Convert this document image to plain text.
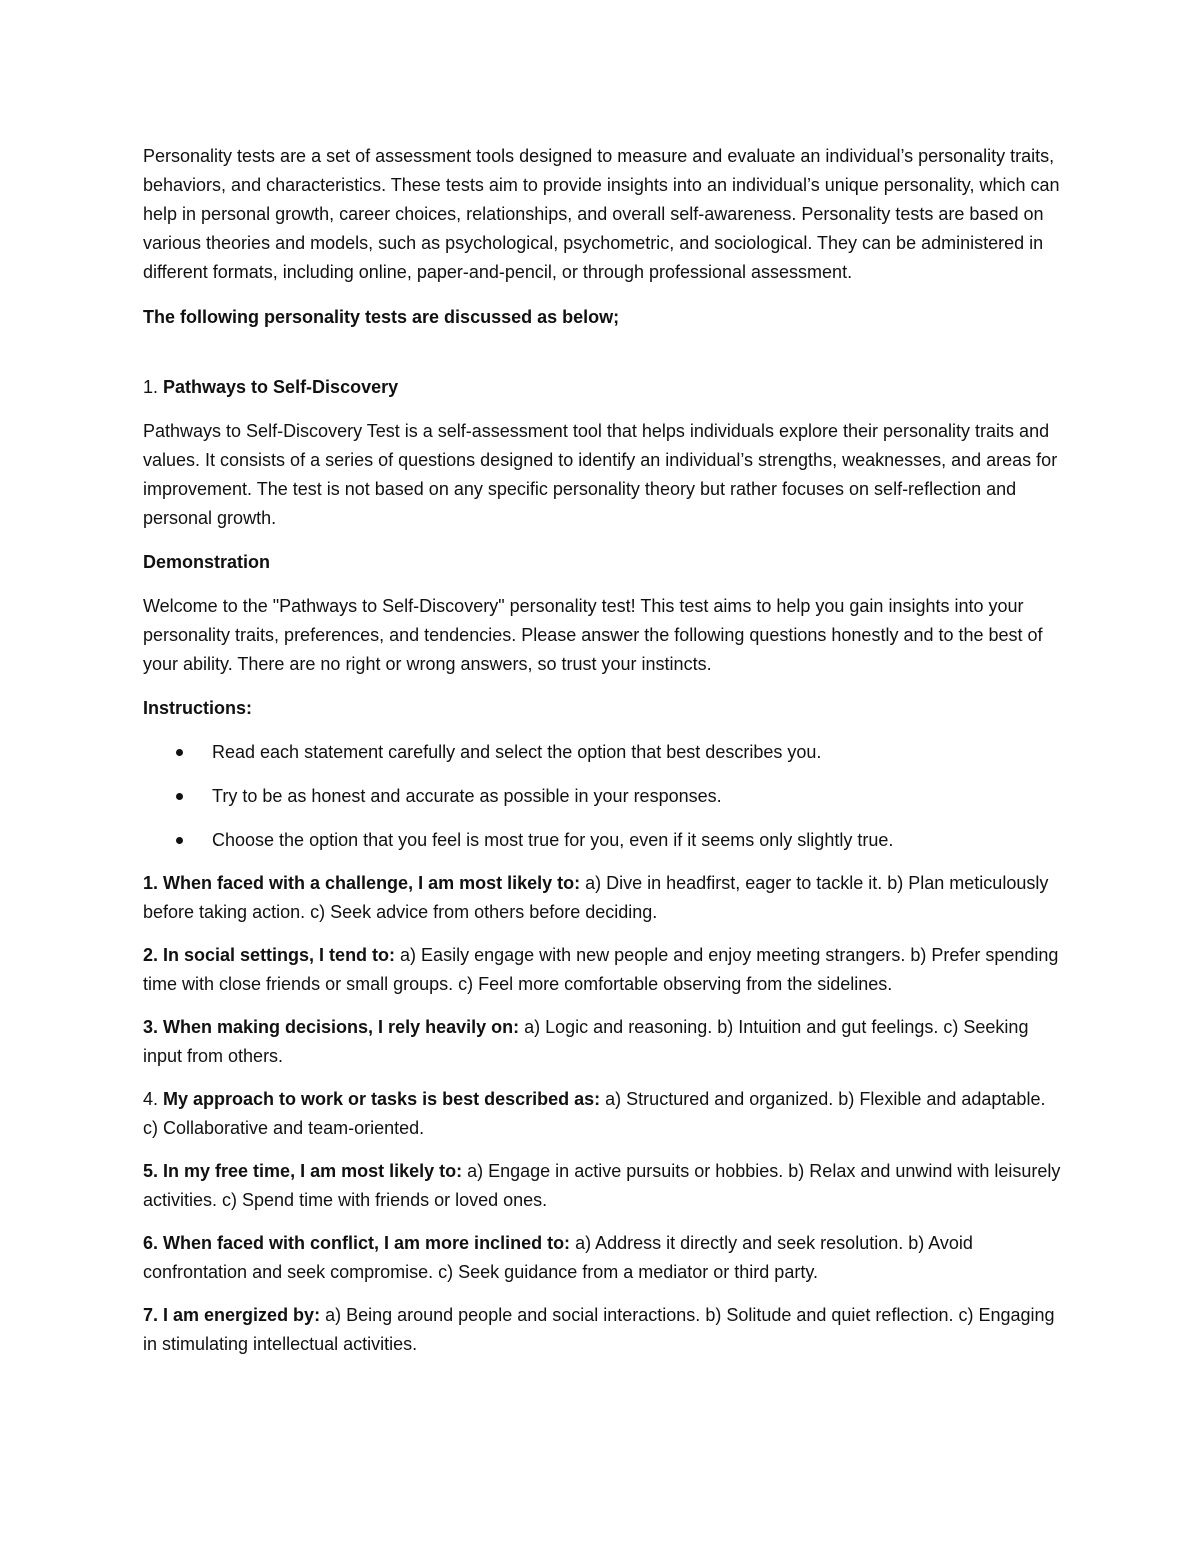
Personality tests are a set of assessment tools designed to measure and evaluate an individual’s personality traits, behaviors, and characteristics. These tests aim to provide insights into an individual’s unique personality, which can help in personal growth, career choices, relationships, and overall self-awareness. Personality tests are based on various theories and models, such as psychological, psychometric, and sociological. They can be administered in different formats, including online, paper-and-pencil, or through professional assessment.

The following personality tests are discussed as below;

1. Pathways to Self-Discovery

Pathways to Self-Discovery Test is a self-assessment tool that helps individuals explore their personality traits and values. It consists of a series of questions designed to identify an individual’s strengths, weaknesses, and areas for improvement. The test is not based on any specific personality theory but rather focuses on self-reflection and personal growth.

Demonstration

Welcome to the "Pathways to Self-Discovery" personality test! This test aims to help you gain insights into your personality traits, preferences, and tendencies. Please answer the following questions honestly and to the best of your ability. There are no right or wrong answers, so trust your instincts.

Instructions:

Read each statement carefully and select the option that best describes you.
Try to be as honest and accurate as possible in your responses.
Choose the option that you feel is most true for you, even if it seems only slightly true.

1. When faced with a challenge, I am most likely to: a) Dive in headfirst, eager to tackle it. b) Plan meticulously before taking action. c) Seek advice from others before deciding.

2. In social settings, I tend to: a) Easily engage with new people and enjoy meeting strangers. b) Prefer spending time with close friends or small groups. c) Feel more comfortable observing from the sidelines.

3. When making decisions, I rely heavily on: a) Logic and reasoning. b) Intuition and gut feelings. c) Seeking input from others.

4. My approach to work or tasks is best described as: a) Structured and organized. b) Flexible and adaptable. c) Collaborative and team-oriented.

5. In my free time, I am most likely to: a) Engage in active pursuits or hobbies. b) Relax and unwind with leisurely activities. c) Spend time with friends or loved ones.

6. When faced with conflict, I am more inclined to: a) Address it directly and seek resolution. b) Avoid confrontation and seek compromise. c) Seek guidance from a mediator or third party.

7. I am energized by: a) Being around people and social interactions. b) Solitude and quiet reflection. c) Engaging in stimulating intellectual activities.
